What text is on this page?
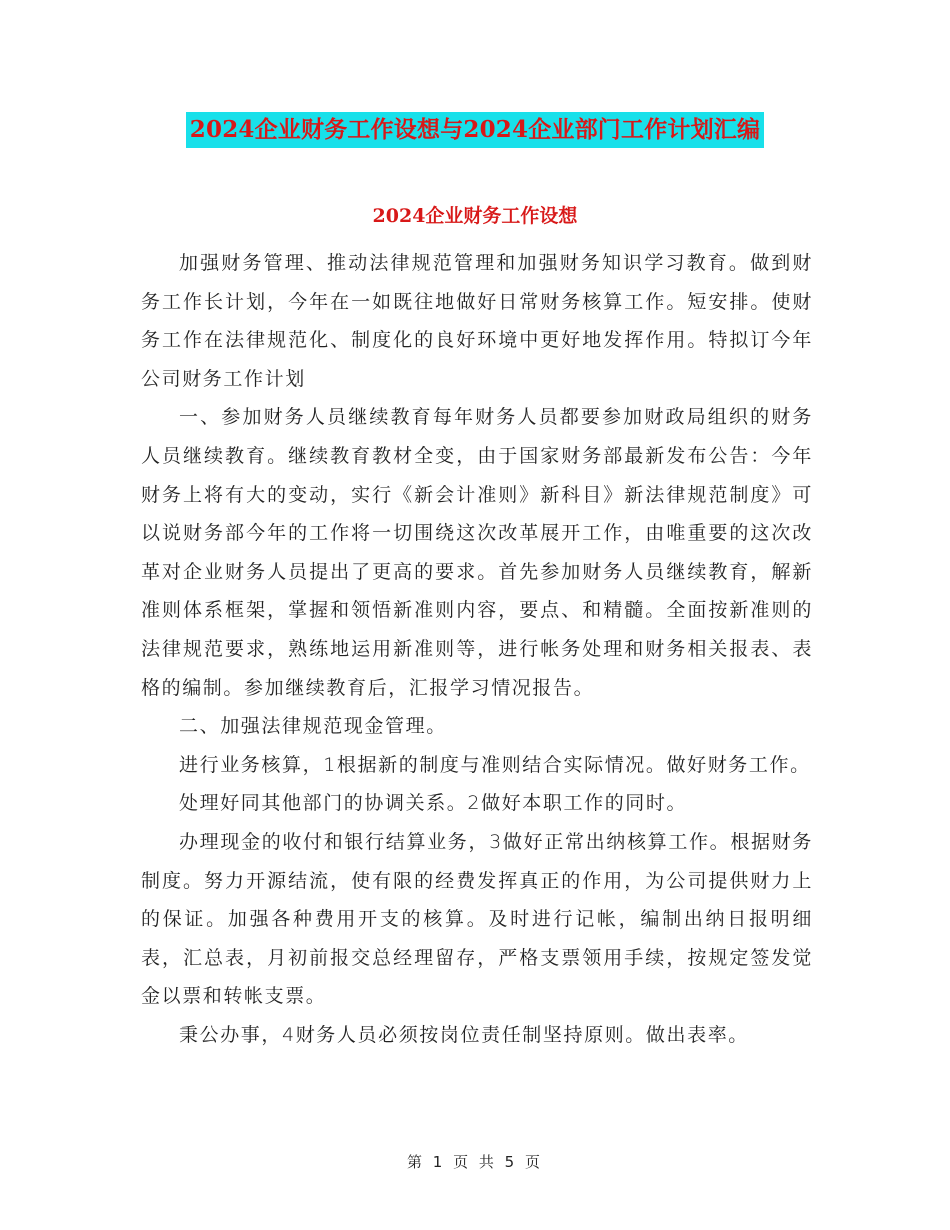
2024企业财务工作设想与2024企业部门工作计划汇编
2024企业财务工作设想

加强财务管理、推动法律规范管理和加强财务知识学习教育。做到财务工作长计划，今年在一如既往地做好日常财务核算工作。短安排。使财务工作在法律规范化、制度化的良好环境中更好地发挥作用。特拟订今年公司财务工作计划

一、参加财务人员继续教育每年财务人员都要参加财政局组织的财务人员继续教育。继续教育教材全变，由于国家财务部最新发布公告：今年财务上将有大的变动，实行《新会计准则》新科目》新法律规范制度》可以说财务部今年的工作将一切围绕这次改革展开工作，由唯重要的这次改革对企业财务人员提出了更高的要求。首先参加财务人员继续教育，解新准则体系框架，掌握和领悟新准则内容，要点、和精髓。全面按新准则的法律规范要求，熟练地运用新准则等，进行帐务处理和财务相关报表、表格的编制。参加继续教育后，汇报学习情况报告。

二、加强法律规范现金管理。

进行业务核算，1根据新的制度与准则结合实际情况。做好财务工作。

处理好同其他部门的协调关系。2做好本职工作的同时。

办理现金的收付和银行结算业务，3做好正常出纳核算工作。根据财务制度。努力开源结流，使有限的经费发挥真正的作用，为公司提供财力上的保证。加强各种费用开支的核算。及时进行记帐，编制出纳日报明细表，汇总表，月初前报交总经理留存，严格支票领用手续，按规定签发觉金以票和转帐支票。

秉公办事，4财务人员必须按岗位责任制坚持原则。做出表率。

第 1 页 共 5 页
